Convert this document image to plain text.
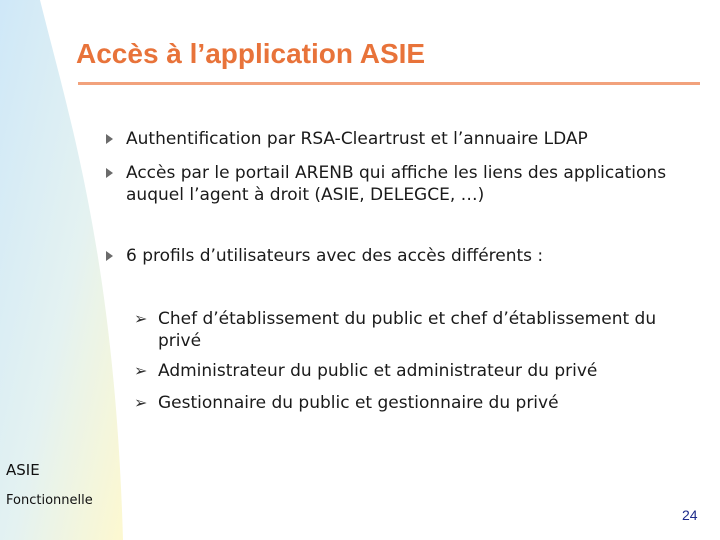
Accès à l’application ASIE
Authentification par RSA-Cleartrust et l’annuaire LDAP
Accès par le portail ARENB qui affiche les liens des applications auquel l’agent à droit (ASIE, DELEGCE, …)
6 profils d’utilisateurs avec des accès différents :
➢ Chef d’établissement du public et chef d’établissement du privé
➢ Administrateur du public et administrateur du privé
➢ Gestionnaire du public et gestionnaire du privé
ASIE
Fonctionnelle
24
